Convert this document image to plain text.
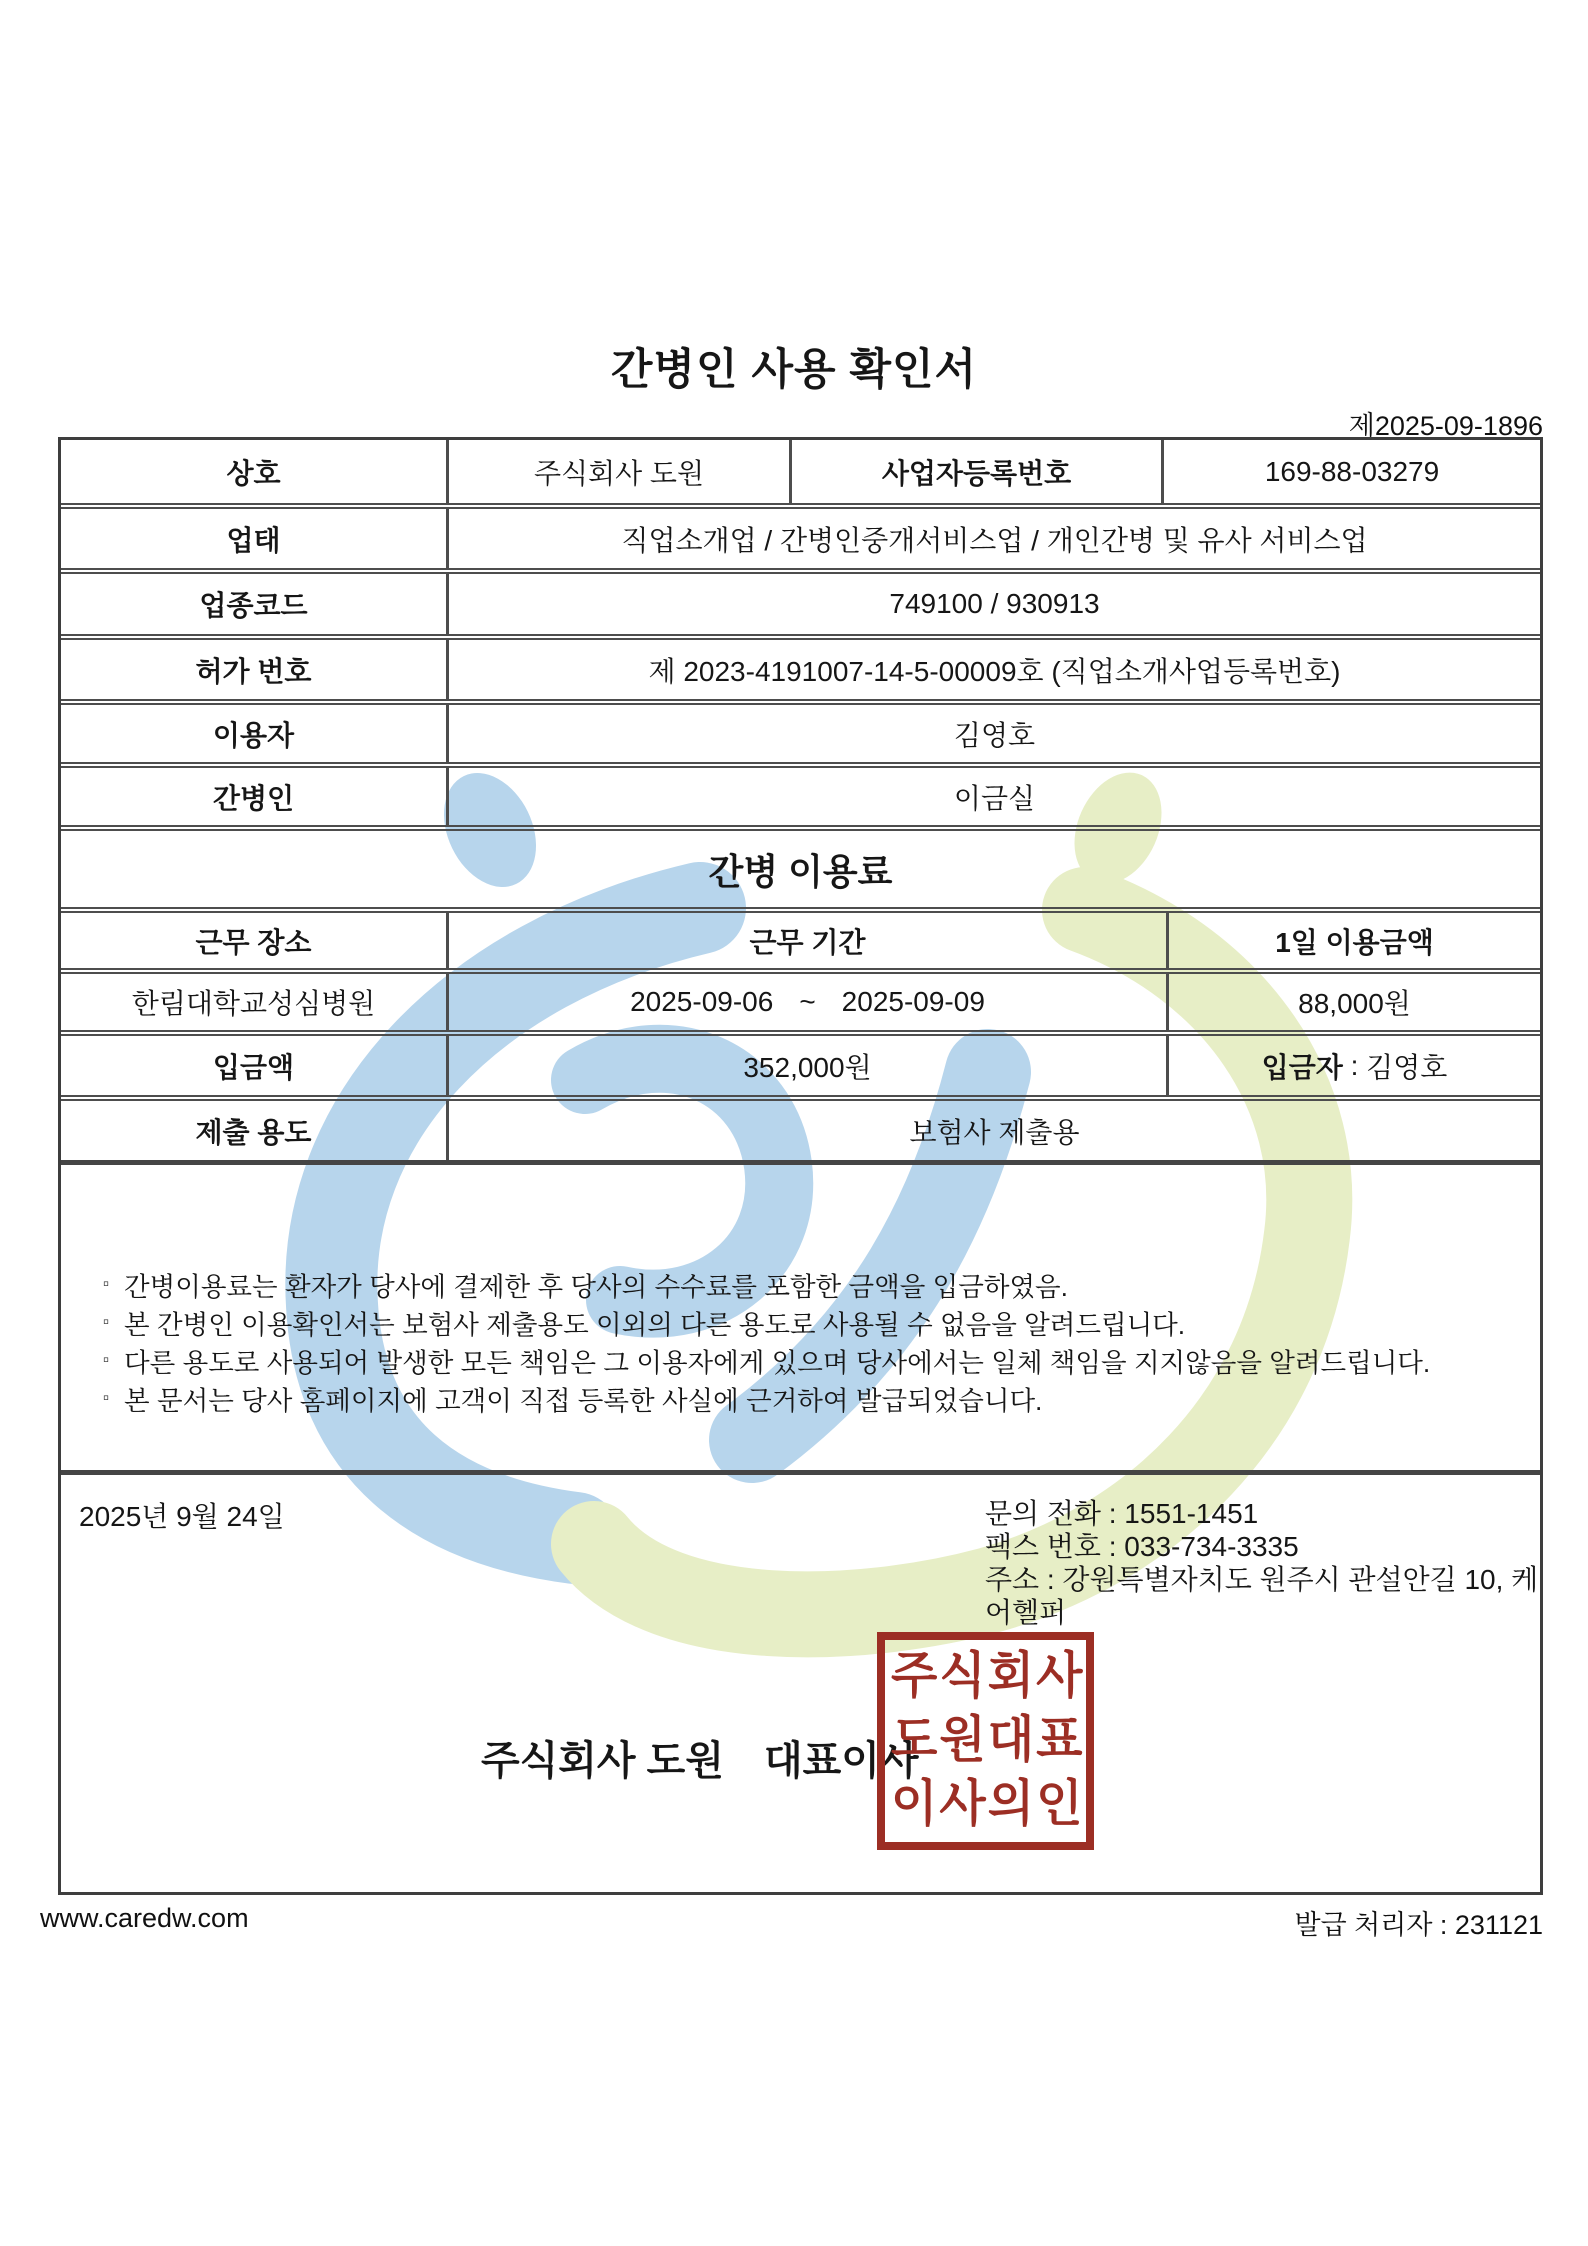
간병인 사용 확인서
제2025-09-1896
상호	주식회사 도원	사업자등록번호	169-88-03279
업태	직업소개업 / 간병인중개서비스업 / 개인간병 및 유사 서비스업
업종코드	749100 / 930913
허가 번호	제 2023-4191007-14-5-00009호 (직업소개사업등록번호)
이용자	김영호
간병인	이금실
간병 이용료
근무 장소	근무 기간	1일 이용금액
한림대학교성심병원	2025-09-06 ~ 2025-09-09	88,000원
입금액	352,000원	입금자 : 김영호
제출 용도	보험사 제출용
▫ 간병이용료는 환자가 당사에 결제한 후 당사의 수수료를 포함한 금액을 입금하였음.
▫ 본 간병인 이용확인서는 보험사 제출용도 이외의 다른 용도로 사용될 수 없음을 알려드립니다.
▫ 다른 용도로 사용되어 발생한 모든 책임은 그 이용자에게 있으며 당사에서는 일체 책임을 지지않음을 알려드립니다.
▫ 본 문서는 당사 홈페이지에 고객이 직접 등록한 사실에 근거하여 발급되었습니다.
2025년 9월 24일	문의 전화 : 1551-1451
팩스 번호 : 033-734-3335
주소 : 강원특별자치도 원주시 관설안길 10, 케어헬퍼
주식회사 도원 대표이사
주식회사
도원대표
이사의인
www.caredw.com	발급 처리자 : 231121
